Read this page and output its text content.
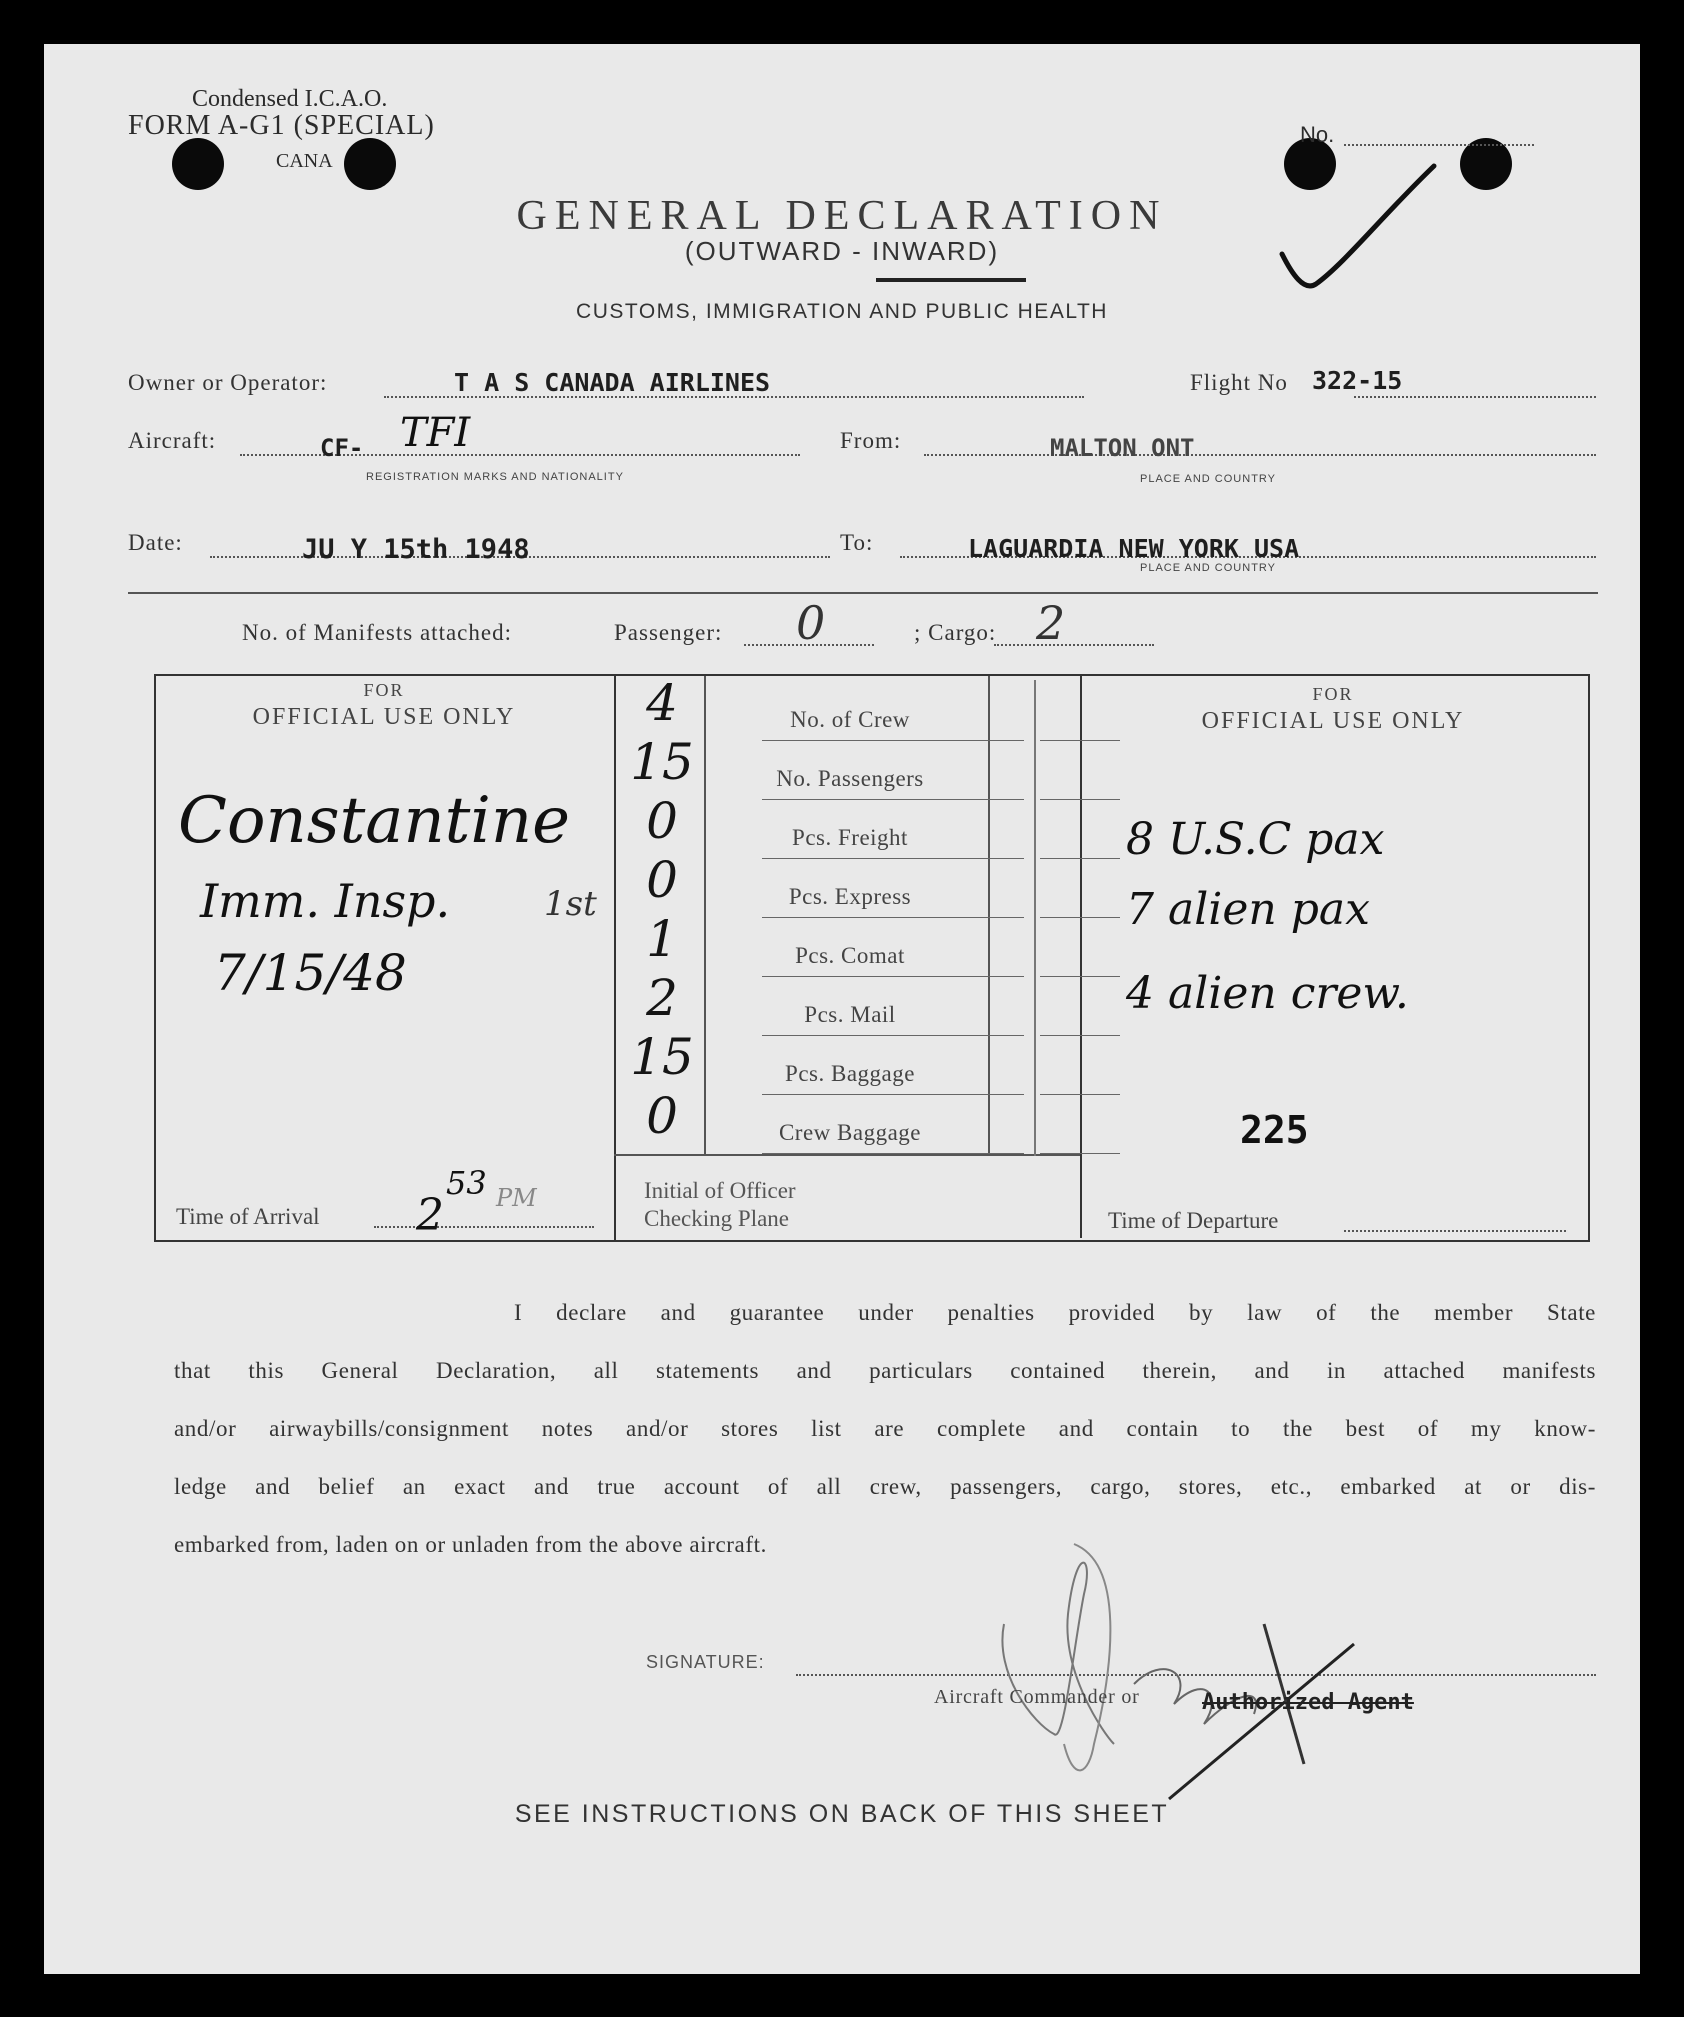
Condensed I.C.A.O.
FORM A-G1 (SPECIAL)
CANA
No.
GENERAL DECLARATION
(OUTWARD - INWARD)
CUSTOMS, IMMIGRATION AND PUBLIC HEALTH
Owner or Operator:	T A S CANADA AIRLINES	Flight No 322-15
Aircraft:	CF- TFI
REGISTRATION MARKS AND NATIONALITY
From:	MALTON ONT
PLACE AND COUNTRY
Date:	JU Y 15th 1948	To:	LAGUARDIA NEW YORK USA
PLACE AND COUNTRY
No. of Manifests attached:	Passenger: 0	; Cargo: 2
FOR
OFFICIAL USE ONLY
Constantine
Imm. Insp.
7/15/48
1st
Time of Arrival 2
53 PM
4	No. of Crew
15	No. Passengers
0	Pcs. Freight
0	Pcs. Express
1	Pcs. Comat
2	Pcs. Mail
15	Pcs. Baggage
0	Crew Baggage
Initial of Officer
Checking Plane
FOR
OFFICIAL USE ONLY
8 U.S.C pax
7 alien pax
4 alien crew.
225
Time of Departure
I declare and guarantee under penalties provided by law of the member State
that this General Declaration, all statements and particulars contained therein, and in attached manifests
and/or airwaybills/consignment notes and/or stores list are complete and contain to the best of my know-
ledge and belief an exact and true account of all crew, passengers, cargo, stores, etc., embarked at or dis-
embarked from, laden on or unladen from the above aircraft.
SIGNATURE:
Aircraft Commander or	Authorized Agent
SEE INSTRUCTIONS ON BACK OF THIS SHEET
